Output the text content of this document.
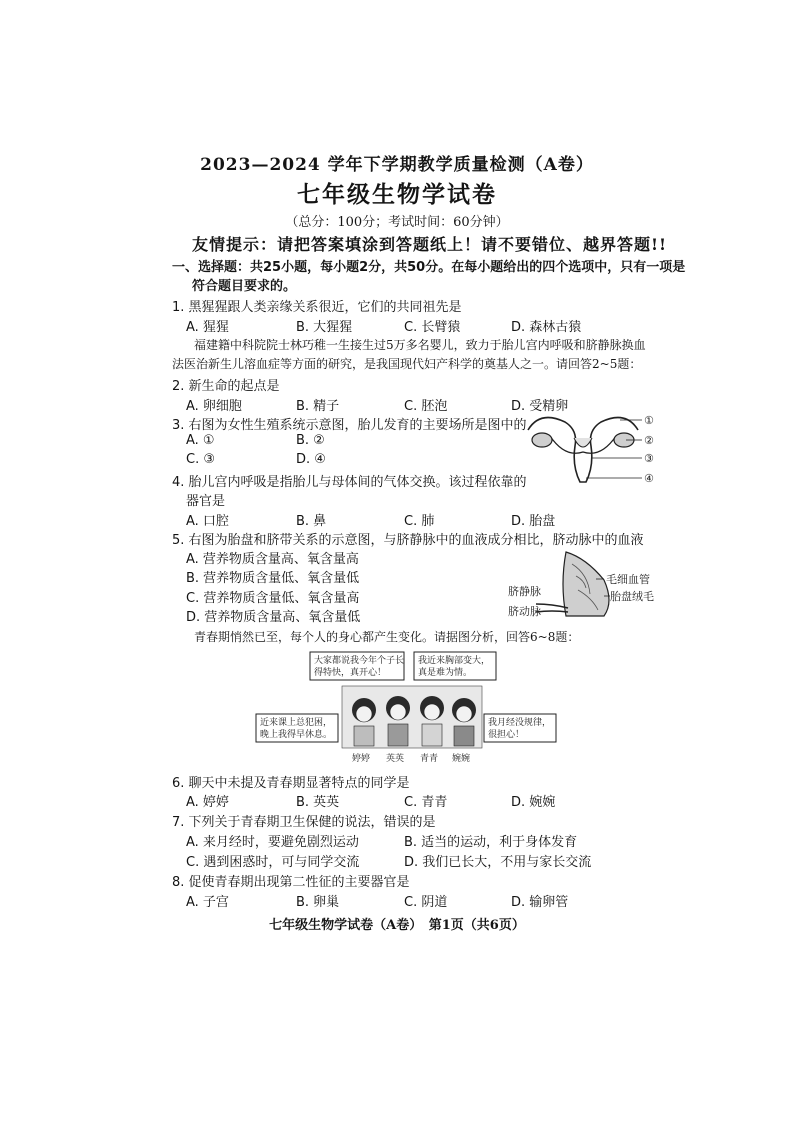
2023—2024 学年下学期教学质量检测（A卷）
七年级生物学试卷
（总分：100分；考试时间：60分钟）
友情提示：请把答案填涂到答题纸上！请不要错位、越界答题!!
一、选择题：共25小题，每小题2分，共50分。在每小题给出的四个选项中，只有一项是
符合题目要求的。
1. 黑猩猩跟人类亲缘关系很近，它们的共同祖先是
A. 猩猩	B. 大猩猩	C. 长臂猿	D. 森林古猿
福建籍中科院院士林巧稚一生接生过5万多名婴儿，致力于胎儿宫内呼吸和脐静脉换血
法医治新生儿溶血症等方面的研究，是我国现代妇产科学的奠基人之一。请回答2~5题：
2. 新生命的起点是
A. 卵细胞	B. 精子	C. 胚泡	D. 受精卵
3. 右图为女性生殖系统示意图，胎儿发育的主要场所是图中的
A. ①	B. ②
C. ③	D. ④
①
②
③
④
4. 胎儿宫内呼吸是指胎儿与母体间的气体交换。该过程依靠的
器官是
A. 口腔	B. 鼻	C. 肺	D. 胎盘
5. 右图为胎盘和脐带关系的示意图，与脐静脉中的血液成分相比，脐动脉中的血液
A. 营养物质含量高、氧含量高
B. 营养物质含量低、氧含量低
C. 营养物质含量低、氧含量高
D. 营养物质含量高、氧含量低
毛细血管
胎盘绒毛
脐静脉
脐动脉
青春期悄然已至，每个人的身心都产生变化。请据图分析，回答6~8题：
大家都说我今年个子长
得特快，真开心！
我近来胸部变大，
真是难为情。
近来课上总犯困，
晚上我得早休息。
我月经没规律，
很担心！
婷婷 英英 青青 婉婉
6. 聊天中未提及青春期显著特点的同学是
A. 婷婷	B. 英英	C. 青青	D. 婉婉
7. 下列关于青春期卫生保健的说法，错误的是
A. 来月经时，要避免剧烈运动	B. 适当的运动，利于身体发育
C. 遇到困惑时，可与同学交流	D. 我们已长大，不用与家长交流
8. 促使青春期出现第二性征的主要器官是
A. 子宫	B. 卵巢	C. 阴道	D. 输卵管
七年级生物学试卷（A卷）　第1页（共6页）
